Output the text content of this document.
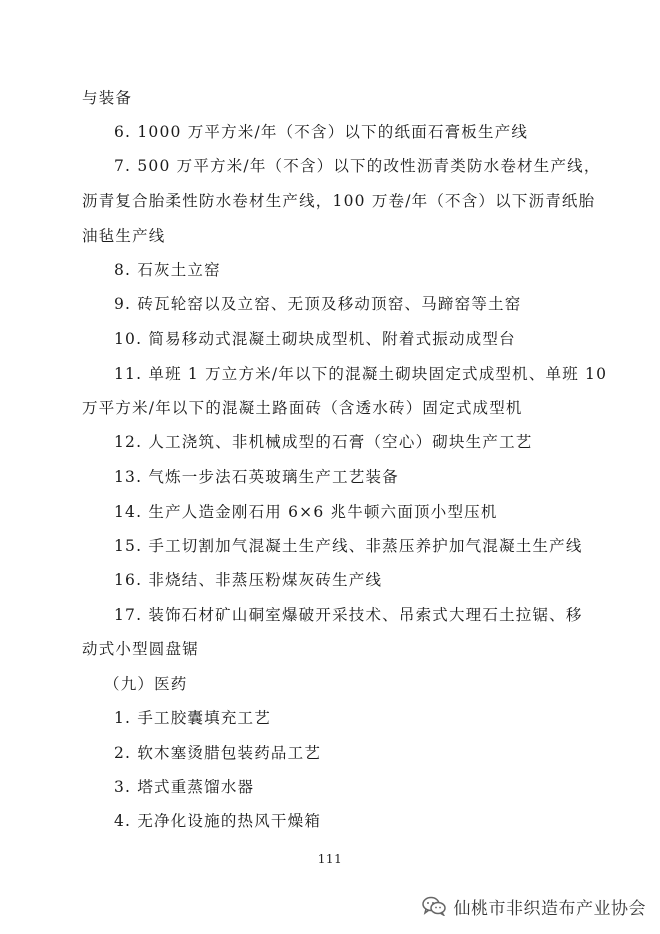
与装备
6. 1000 万平方米/年（不含）以下的纸面石膏板生产线
7. 500 万平方米/年（不含）以下的改性沥青类防水卷材生产线，
沥青复合胎柔性防水卷材生产线，100 万卷/年（不含）以下沥青纸胎
油毡生产线
8. 石灰土立窑
9. 砖瓦轮窑以及立窑、无顶及移动顶窑、马蹄窑等土窑
10. 简易移动式混凝土砌块成型机、附着式振动成型台
11. 单班 1 万立方米/年以下的混凝土砌块固定式成型机、单班 10
万平方米/年以下的混凝土路面砖（含透水砖）固定式成型机
12. 人工浇筑、非机械成型的石膏（空心）砌块生产工艺
13. 气炼一步法石英玻璃生产工艺装备
14. 生产人造金刚石用 6×6 兆牛顿六面顶小型压机
15. 手工切割加气混凝土生产线、非蒸压养护加气混凝土生产线
16. 非烧结、非蒸压粉煤灰砖生产线
17. 装饰石材矿山硐室爆破开采技术、吊索式大理石土拉锯、移
动式小型圆盘锯
（九）医药
1. 手工胶囊填充工艺
2. 软木塞烫腊包装药品工艺
3. 塔式重蒸馏水器
4. 无净化设施的热风干燥箱
111
仙桃市非织造布产业协会
